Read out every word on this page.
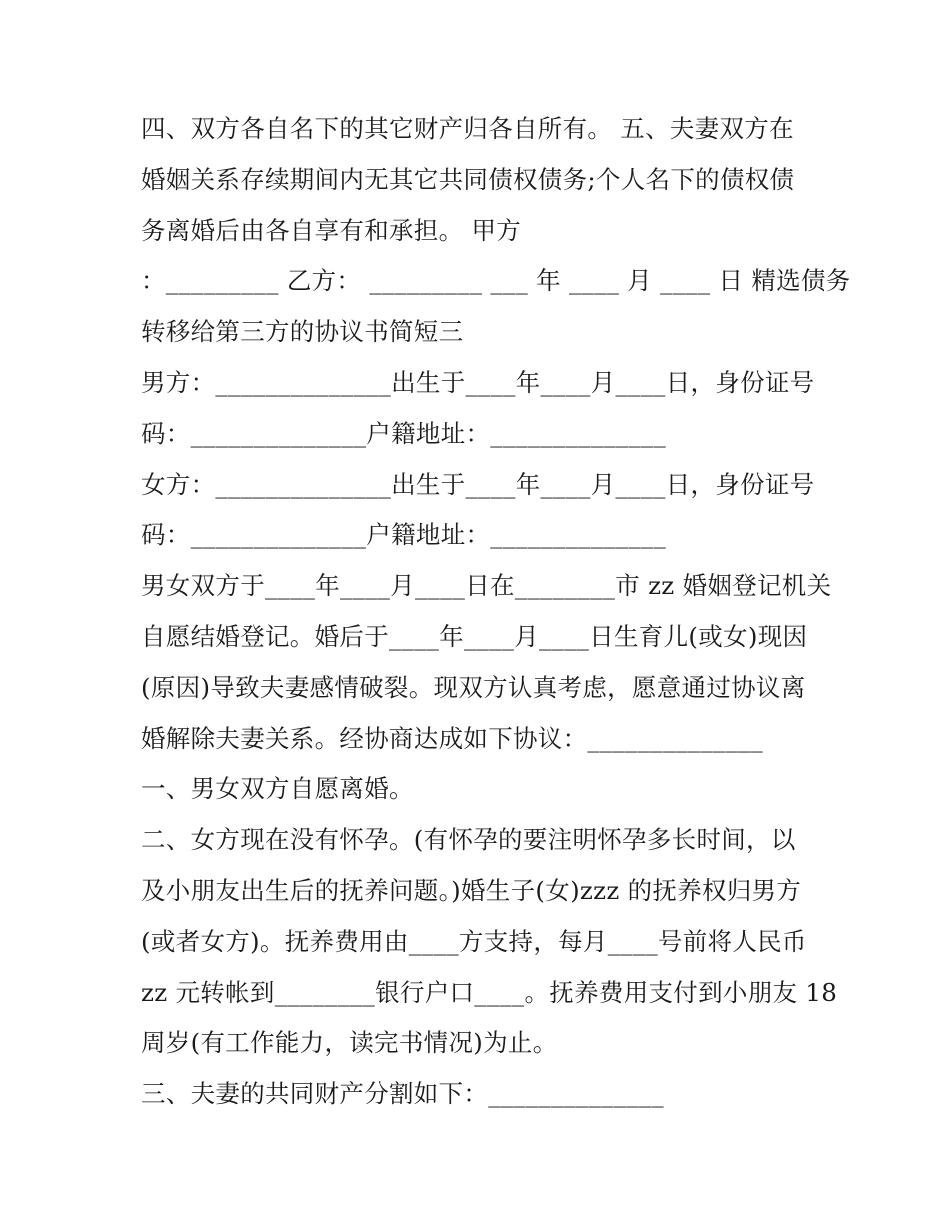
四、双方各自名下的其它财产归各自所有。 五、夫妻双方在
婚姻关系存续期间内无其它共同债权债务;个人名下的债权债
务离婚后由各自享有和承担。 甲方
：_________ 乙方： _________ ___ 年 ____ 月 ____ 日 精选债务
转移给第三方的协议书简短三
男方：______________出生于____年____月____日，身份证号
码：______________户籍地址：______________
女方：______________出生于____年____月____日，身份证号
码：______________户籍地址：______________
男女双方于____年____月____日在________市 zz 婚姻登记机关
自愿结婚登记。婚后于____年____月____日生育儿(或女)现因
(原因)导致夫妻感情破裂。现双方认真考虑，愿意通过协议离
婚解除夫妻关系。经协商达成如下协议：______________
一、男女双方自愿离婚。
二、女方现在没有怀孕。(有怀孕的要注明怀孕多长时间，以
及小朋友出生后的抚养问题。)婚生子(女)zzz 的抚养权归男方
(或者女方)。抚养费用由____方支持，每月____号前将人民币
zz 元转帐到________银行户口____。抚养费用支付到小朋友 18
周岁(有工作能力，读完书情况)为止。
三、夫妻的共同财产分割如下：______________
